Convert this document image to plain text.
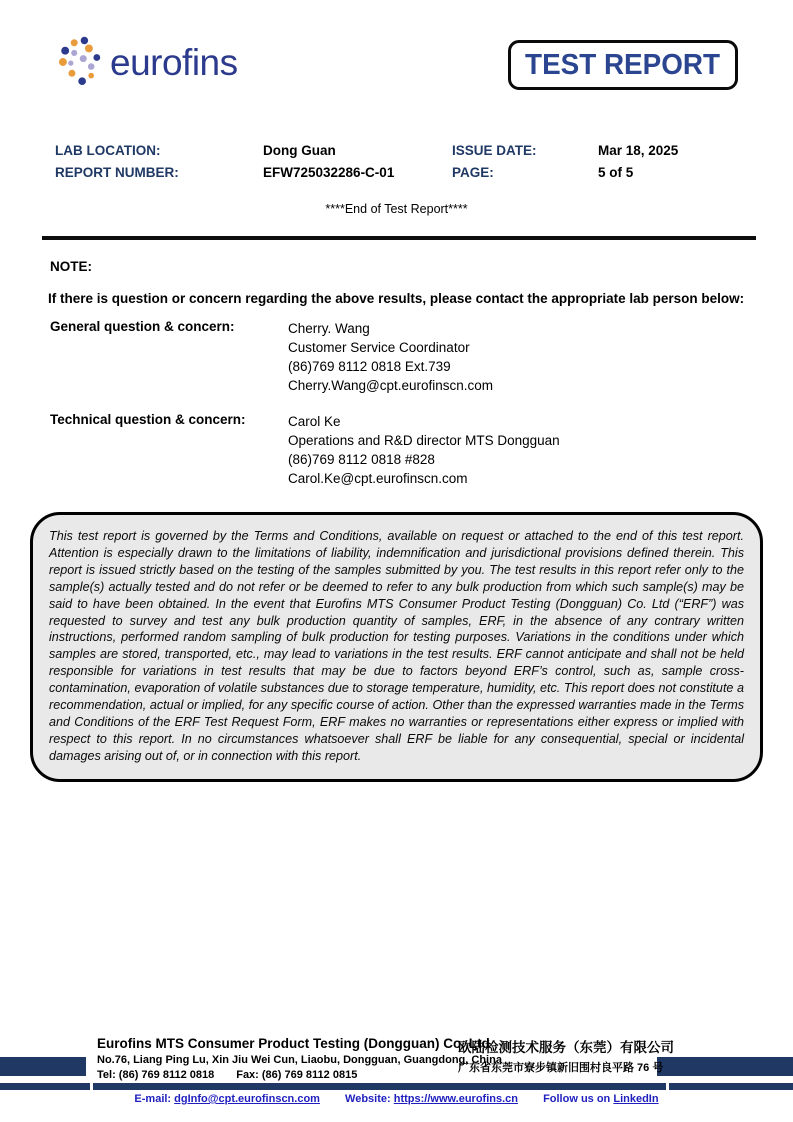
eurofins	TEST REPORT
LAB LOCATION:	Dong Guan	ISSUE DATE:	Mar 18, 2025
REPORT NUMBER:	EFW725032286-C-01	PAGE:	5 of 5
****End of Test Report****
NOTE:
If there is question or concern regarding the above results, please contact the appropriate lab person below:
General question & concern:	Cherry. Wang
Customer Service Coordinator
(86)769 8112 0818 Ext.739
Cherry.Wang@cpt.eurofinscn.com
Technical question & concern:	Carol Ke
Operations and R&D director MTS Dongguan
(86)769 8112 0818 #828
Carol.Ke@cpt.eurofinscn.com

This test report is governed by the Terms and Conditions, available on request or attached to the end of this test report. Attention is especially drawn to the limitations of liability, indemnification and jurisdictional provisions defined therein. This report is issued strictly based on the testing of the samples submitted by you. The test results in this report refer only to the sample(s) actually tested and do not refer or be deemed to refer to any bulk production from which such sample(s) may be said to have been obtained. In the event that Eurofins MTS Consumer Product Testing (Dongguan) Co. Ltd (“ERF”) was requested to survey and test any bulk production quantity of samples, ERF, in the absence of any contrary written instructions, performed random sampling of bulk production for testing purposes. Variations in the conditions under which samples are stored, transported, etc., may lead to variations in the test results. ERF cannot anticipate and shall not be held responsible for variations in test results that may be due to factors beyond ERF’s control, such as, sample cross-contamination, evaporation of volatile substances due to storage temperature, humidity, etc. This report does not constitute a recommendation, actual or implied, for any specific course of action. Other than the expressed warranties made in the Terms and Conditions of the ERF Test Request Form, ERF makes no warranties or representations either express or implied with respect to this report. In no circumstances whatsoever shall ERF be liable for any consequential, special or incidental damages arising out of, or in connection with this report.

Eurofins MTS Consumer Product Testing (Dongguan) Co. Ltd
No.76, Liang Ping Lu, Xin Jiu Wei Cun, Liaobu, Dongguan, Guangdong, China
Tel: (86) 769 8112 0818 Fax: (86) 769 8112 0815
欧陆检测技术服务（东莞）有限公司
广东省东莞市寮步镇新旧围村良平路 76 号
E-mail: dgInfo@cpt.eurofinscn.com Website: https://www.eurofins.cn Follow us on LinkedIn
